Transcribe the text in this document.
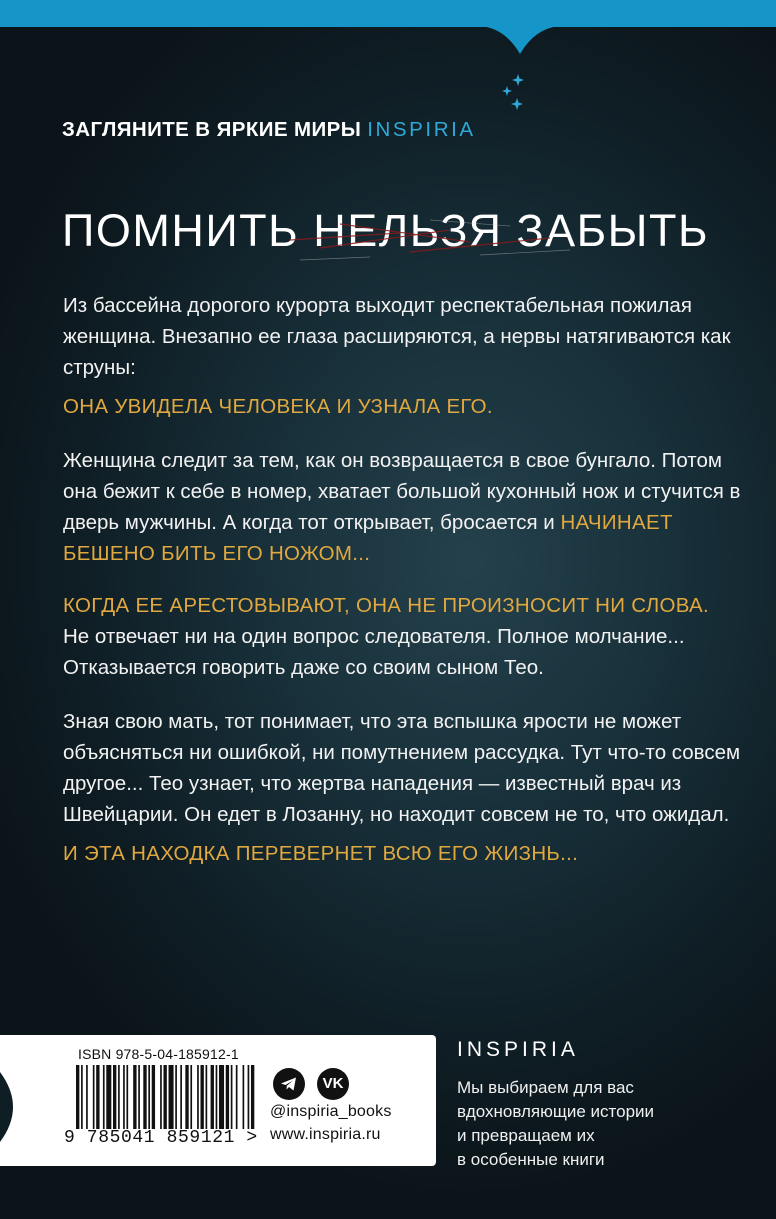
ЗАГЛЯНИТЕ В ЯРКИЕ МИРЫ INSPIRIA

ПОМНИТЬ НЕЛЬЗЯ ЗАБЫТЬ

Из бассейна дорогого курорта выходит респектабельная пожилая женщина. Внезапно ее глаза расширяются, а нервы натягиваются как струны:

ОНА УВИДЕЛА ЧЕЛОВЕКА И УЗНАЛА ЕГО.

Женщина следит за тем, как он возвращается в свое бунгало. Потом она бежит к себе в номер, хватает большой кухонный нож и стучится в дверь мужчины. А когда тот открывает, бросается и НАЧИНАЕТ БЕШЕНО БИТЬ ЕГО НОЖОМ...

КОГДА ЕЕ АРЕСТОВЫВАЮТ, ОНА НЕ ПРОИЗНОСИТ НИ СЛОВА.

Не отвечает ни на один вопрос следователя. Полное молчание... Отказывается говорить даже со своим сыном Тео.

Зная свою мать, тот понимает, что эта вспышка ярости не может объясняться ни ошибкой, ни помутнением рассудка. Тут что-то совсем другое... Тео узнает, что жертва нападения — известный врач из Швейцарии. Он едет в Лозанну, но находит совсем не то, что ожидал.

И ЭТА НАХОДКА ПЕРЕВЕРНЕТ ВСЮ ЕГО ЖИЗНЬ...

ISBN 978-5-04-185912-1

9 785041 859121 >

VK

@inspiria_books

www.inspiria.ru

INSPIRIA

Мы выбираем для вас
вдохновляющие истории
и превращаем их
в особенные книги
